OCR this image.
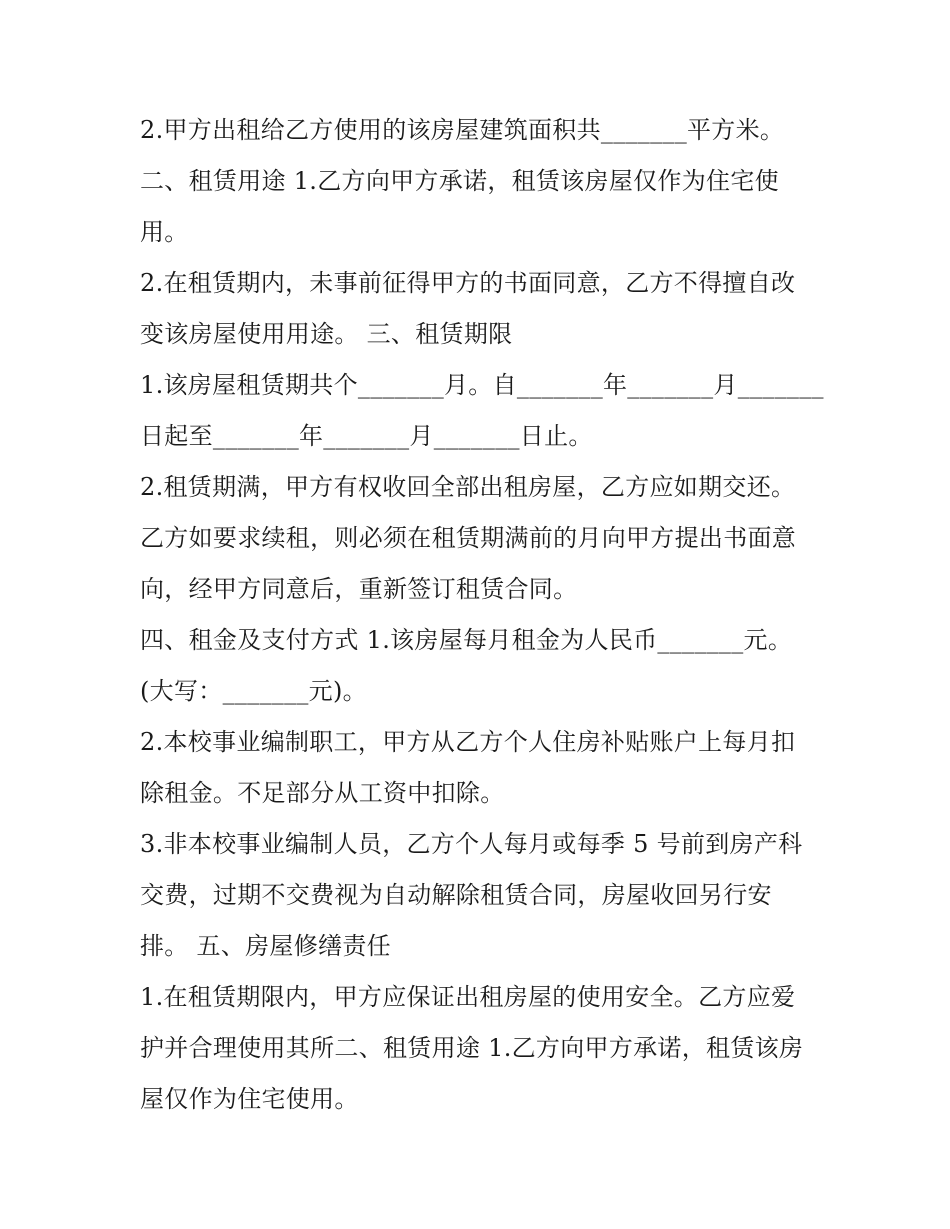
2.甲方出租给乙方使用的该房屋建筑面积共_______平方米。
二、租赁用途 1.乙方向甲方承诺，租赁该房屋仅作为住宅使
用。
2.在租赁期内，未事前征得甲方的书面同意，乙方不得擅自改
变该房屋使用用途。 三、租赁期限
1.该房屋租赁期共个_______月。自_______年_______月_______
日起至_______年_______月_______日止。
2.租赁期满，甲方有权收回全部出租房屋，乙方应如期交还。
乙方如要求续租，则必须在租赁期满前的月向甲方提出书面意
向，经甲方同意后，重新签订租赁合同。
四、租金及支付方式 1.该房屋每月租金为人民币_______元。
(大写：_______元)。
2.本校事业编制职工，甲方从乙方个人住房补贴账户上每月扣
除租金。不足部分从工资中扣除。
3.非本校事业编制人员，乙方个人每月或每季 5 号前到房产科
交费，过期不交费视为自动解除租赁合同，房屋收回另行安
排。 五、房屋修缮责任
1.在租赁期限内，甲方应保证出租房屋的使用安全。乙方应爱
护并合理使用其所二、租赁用途 1.乙方向甲方承诺，租赁该房
屋仅作为住宅使用。
